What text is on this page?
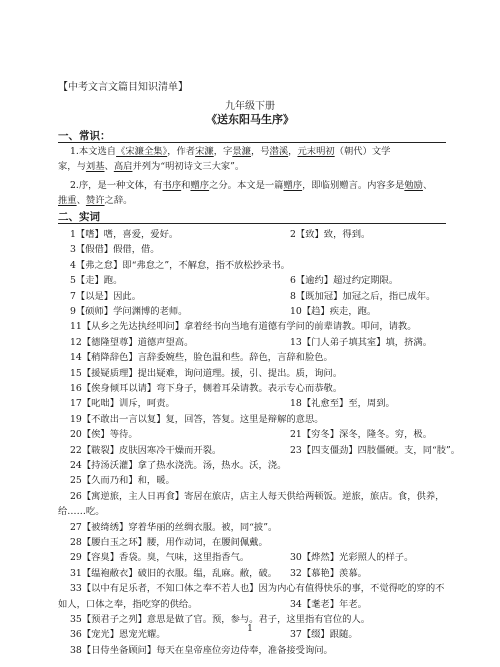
【中考文言文篇目知识清单】
九年级下册
《送东阳马生序》
一、常识：
1.本文选自《宋濂全集》，作者宋濂，字景濂，号潜溪，元末明初（朝代）文学
家，与刘基、高启并列为“明初诗文三大家”。
2.序，是一种文体，有书序和赠序之分。本文是一篇赠序，即临别赠言。内容多是勉励、
推重、赞许之辞。
二、实词
1【嗜】嗜，喜爱，爱好。	2【致】致，得到。
3【假借】假借，借。
4【弗之怠】即“弗怠之”，不解怠，指不放松抄录书。
5【走】跑。	6【逾约】超过约定期限。
7【以是】因此。	8【既加冠】加冠之后，指已成年。
9【硕师】学问渊博的老师。	10【趋】疾走，跑。
11【从乡之先达执经叩问】拿着经书向当地有道德有学问的前辈请教。叩问，请教。
12【德隆望尊】道德声望高。	13【门人弟子填其室】填，挤满。
14【稍降辞色】言辞委婉些，脸色温和些。辞色，言辞和脸色。
15【援疑质理】提出疑难，询问道理。援，引、提出。质，询问。
16【俟身倾耳以请】弯下身子，侧着耳朵请教。表示专心而恭敬。
17【叱咄】训斥，呵责。	18【礼愈至】至，周到。
19【不敢出一言以复】复，回答，答复。这里是辩解的意思。
20【俟】等待。	21【穷冬】深冬，隆冬。穷，极。
22【皲裂】皮肤因寒冷干燥而开裂。	23【四支僵劲】四肢僵硬。支，同“肢”。
24【持汤沃灌】拿了热水浇洗。汤，热水。沃，浇。
25【久而乃和】和，暖。
26【寓逆旅，主人日再食】寄居在旅店，店主人每天供给两顿饭。逆旅，旅店。食，供养，
给……吃。
27【被绮绣】穿着华丽的丝绸衣服。被，同“披”。
28【腰白玉之环】腰，用作动词，在腰间佩戴。
29【容臭】香袋。臭，气味，这里指香气。	30【烨然】光彩照人的样子。
31【缊袍敝衣】破旧的衣服。缊，乱麻。敝，破。 32【慕艳】羡慕。
33【以中有足乐者，不知口体之奉不若人也】因为内心有值得快乐的事，不觉得吃的穿的不
如人，口体之奉，指吃穿的供给。	34【耄老】年老。
35【预君子之列】意思是做了官。预，参与。君子，这里指有官位的人。
36【宠光】恩宠光耀。	37【缀】跟随。
38【日侍坐备顾问】每天在皇帝座位旁边侍奉，准备接受询问。
1
